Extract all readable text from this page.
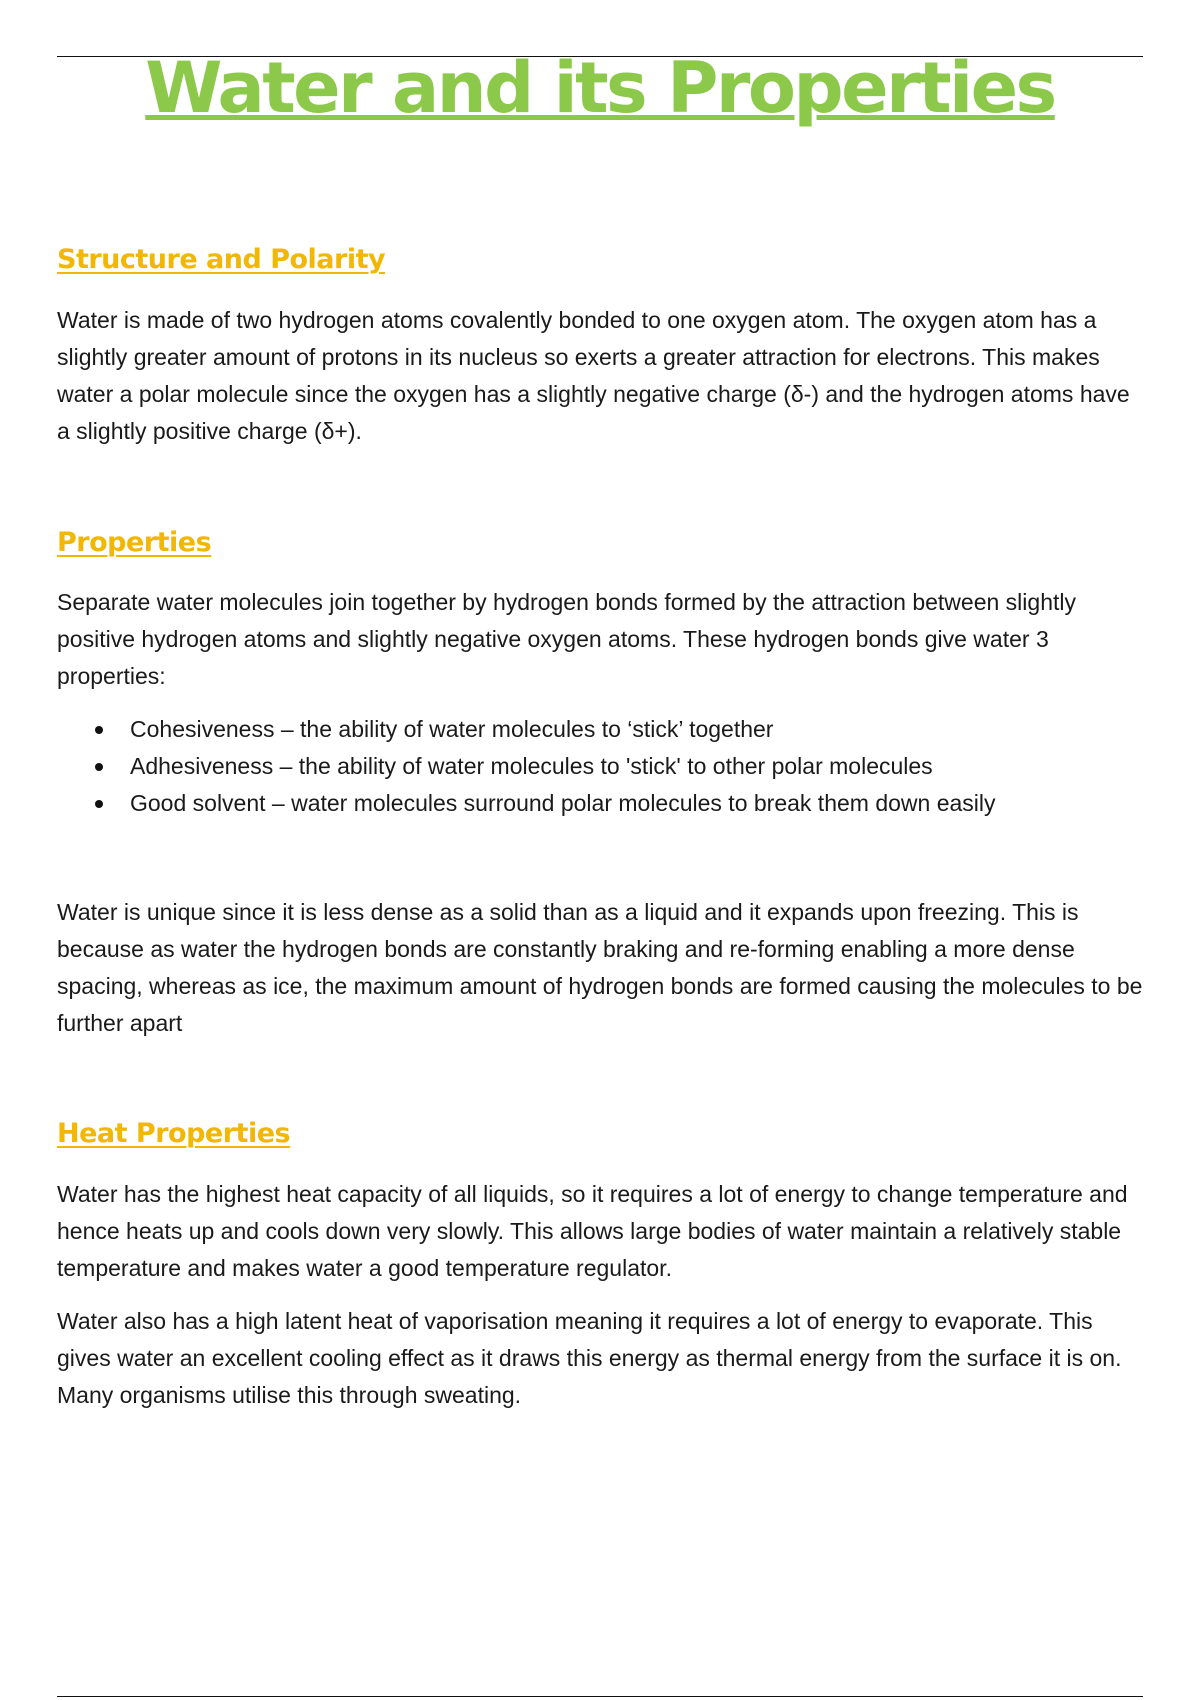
Water and its Properties
Structure and Polarity

Water is made of two hydrogen atoms covalently bonded to one oxygen atom. The oxygen atom has a slightly greater amount of protons in its nucleus so exerts a greater attraction for electrons. This makes water a polar molecule since the oxygen has a slightly negative charge (δ-) and the hydrogen atoms have a slightly positive charge (δ+).

Properties

Separate water molecules join together by hydrogen bonds formed by the attraction between slightly positive hydrogen atoms and slightly negative oxygen atoms. These hydrogen bonds give water 3 properties:

Cohesiveness – the ability of water molecules to ‘stick’ together
Adhesiveness – the ability of water molecules to 'stick' to other polar molecules
Good solvent – water molecules surround polar molecules to break them down easily

Water is unique since it is less dense as a solid than as a liquid and it expands upon freezing. This is because as water the hydrogen bonds are constantly braking and re-forming enabling a more dense spacing, whereas as ice, the maximum amount of hydrogen bonds are formed causing the molecules to be further apart

Heat Properties

Water has the highest heat capacity of all liquids, so it requires a lot of energy to change temperature and hence heats up and cools down very slowly. This allows large bodies of water maintain a relatively stable temperature and makes water a good temperature regulator.

Water also has a high latent heat of vaporisation meaning it requires a lot of energy to evaporate. This gives water an excellent cooling effect as it draws this energy as thermal energy from the surface it is on. Many organisms utilise this through sweating.
